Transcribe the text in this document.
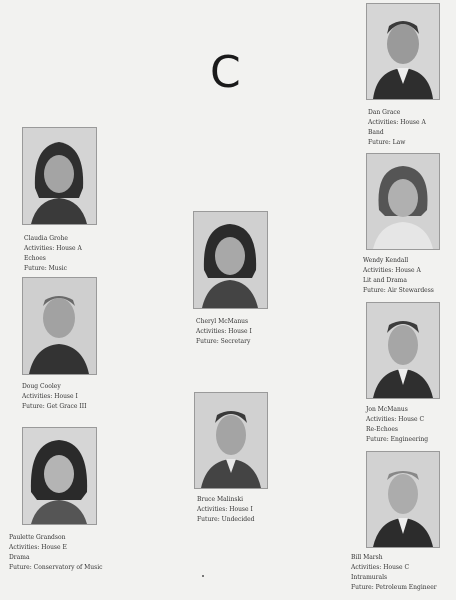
C
Dan Grace
Activities: House A
Band
Future: Law
Claudia Grohe
Activities: House A
Echoes
Future: Music
Cheryl McManus
Activities: House I
Future: Secretary
Wendy Kendall
Activities: House A
Lit and Drama
Future: Air Stewardess
Doug Cooley
Activities: House I
Future: Get Grace III	Jon McManus
Activities: House C
Re-Echoes
Future: Engineering
Bruce Malinski
Activities: House I
Future: Undecided
Paulette Grandson
Activities: House E
Drama
Future: Conservatory of Music
Bill Marsh
Activities: House C
Intramurals
Future: Petroleum Engineer
